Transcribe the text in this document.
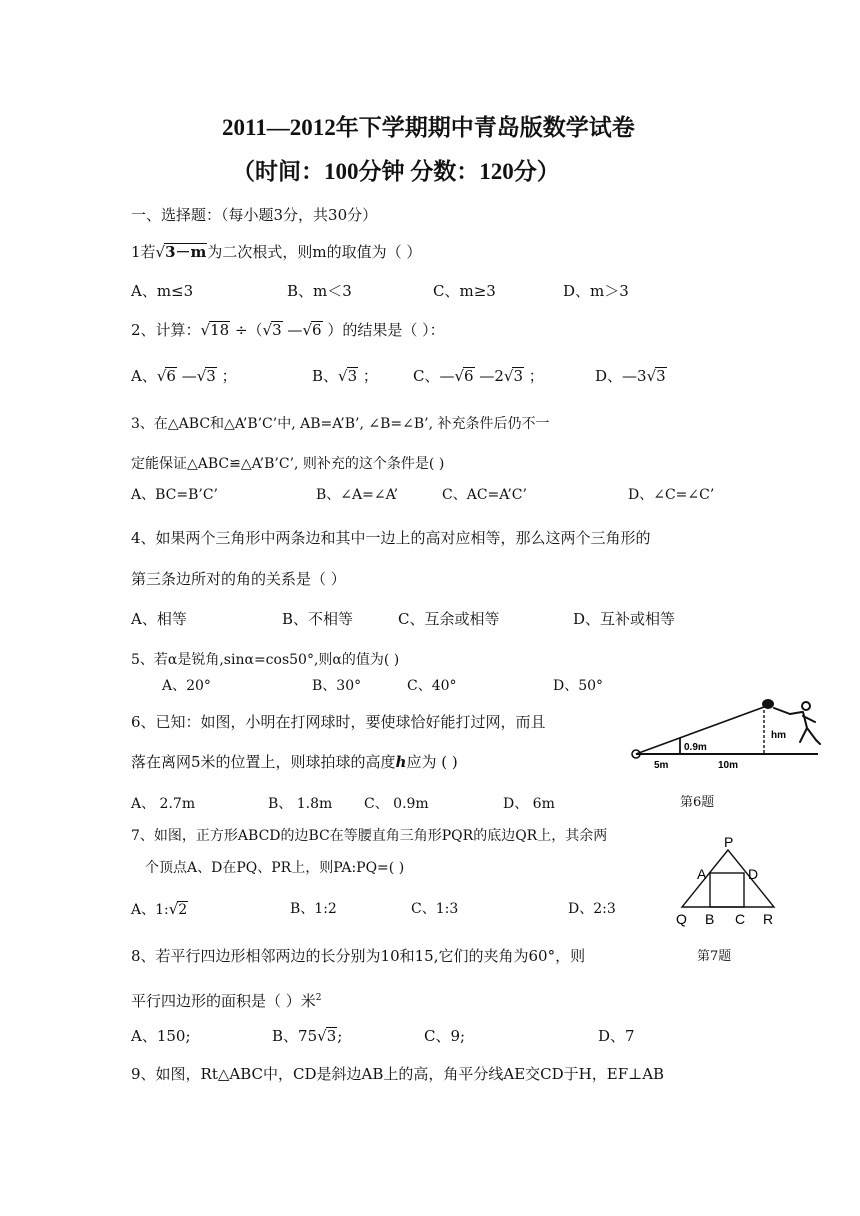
2011—2012年下学期期中青岛版数学试卷
（时间：100分钟 分数：120分）
一、选择题：（每小题3分，共30分）
1若√3－m为二次根式，则m的取值为（ ）
A、m≤3	B、m＜3	C、m≥3	D、m＞3
2、计算：√18 ÷（√3 —√6 ）的结果是（ ）：
A、√6 —√3 ；	B、√3 ； C、—√6 —2√3 ；	D、—3√3
3、在△ABC和△A’B’C’中, AB=A’B’, ∠B=∠B’, 补充条件后仍不一
定能保证△ABC≌△A’B’C’, 则补充的这个条件是( )
A、BC=B’C’	B、∠A=∠A’	C、AC=A’C’	D、∠C=∠C’
4、如果两个三角形中两条边和其中一边上的高对应相等，那么这两个三角形的
第三条边所对的角的关系是（ ）
A、相等	B、不相等	C、互余或相等	D、互补或相等
5、若α是锐角,sinα=cos50°,则α的值为( )
A、20°	B、30°	C、40°	D、50°
6、已知：如图，小明在打网球时，要使球恰好能打过网，而且
落在离网5米的位置上，则球拍球的高度h应为 ( )
A、 2.7m	B、 1.8m C、 0.9m	D、 6m
0.9m
hm
5m	10m
第6题
7、如图，正方形ABCD的边BC在等腰直角三角形PQR的底边QR上，其余两
个顶点A、D在PQ、PR上，则PA:PQ=( )
A、1:√2	B、1:2	C、1:3	D、2:3
P
A	D
Q B C R
第7题
8、若平行四边形相邻两边的长分别为10和15,它们的夹角为60°，则
平行四边形的面积是（ ）米$^2$
A、150;	B、75√3;	C、9;	D、7
9、如图，Rt△ABC中，CD是斜边AB上的高，角平分线AE交CD于H，EF⊥AB
